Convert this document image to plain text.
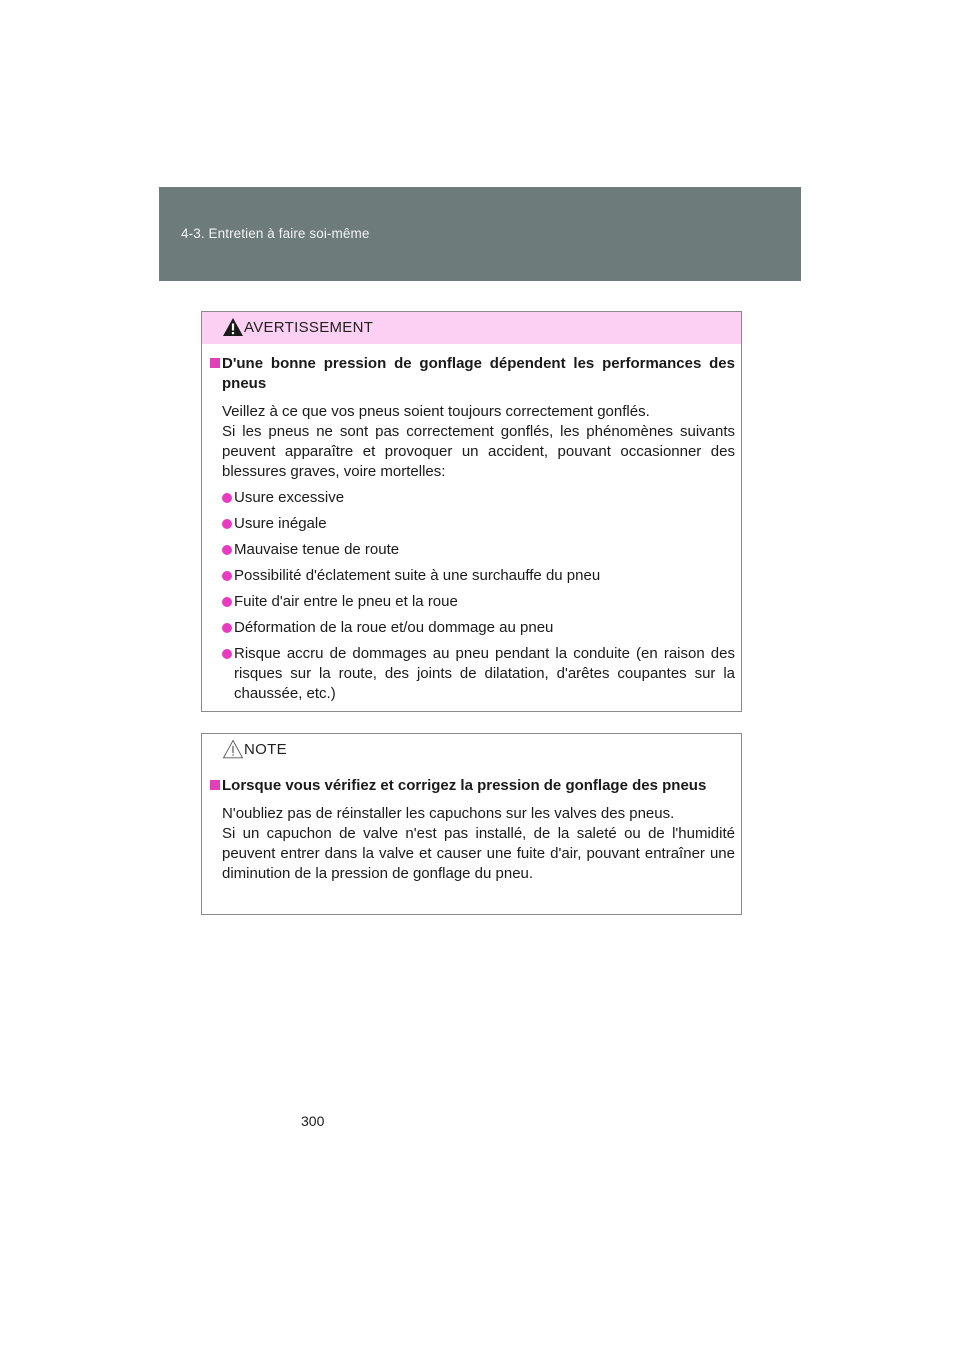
4-3. Entretien à faire soi-même
AVERTISSEMENT
D'une bonne pression de gonflage dépendent les performances des pneus

Veillez à ce que vos pneus soient toujours correctement gonflés.

Si les pneus ne sont pas correctement gonflés, les phénomènes suivants peuvent apparaître et provoquer un accident, pouvant occasionner des blessures graves, voire mortelles:

Usure excessive
Usure inégale
Mauvaise tenue de route
Possibilité d'éclatement suite à une surchauffe du pneu
Fuite d'air entre le pneu et la roue
Déformation de la roue et/ou dommage au pneu
Risque accru de dommages au pneu pendant la conduite (en raison des risques sur la route, des joints de dilatation, d'arêtes coupantes sur la chaussée, etc.)
NOTE
Lorsque vous vérifiez et corrigez la pression de gonflage des pneus

N'oubliez pas de réinstaller les capuchons sur les valves des pneus.

Si un capuchon de valve n'est pas installé, de la saleté ou de l'humidité peuvent entrer dans la valve et causer une fuite d'air, pouvant entraîner une diminution de la pression de gonflage du pneu.

300
